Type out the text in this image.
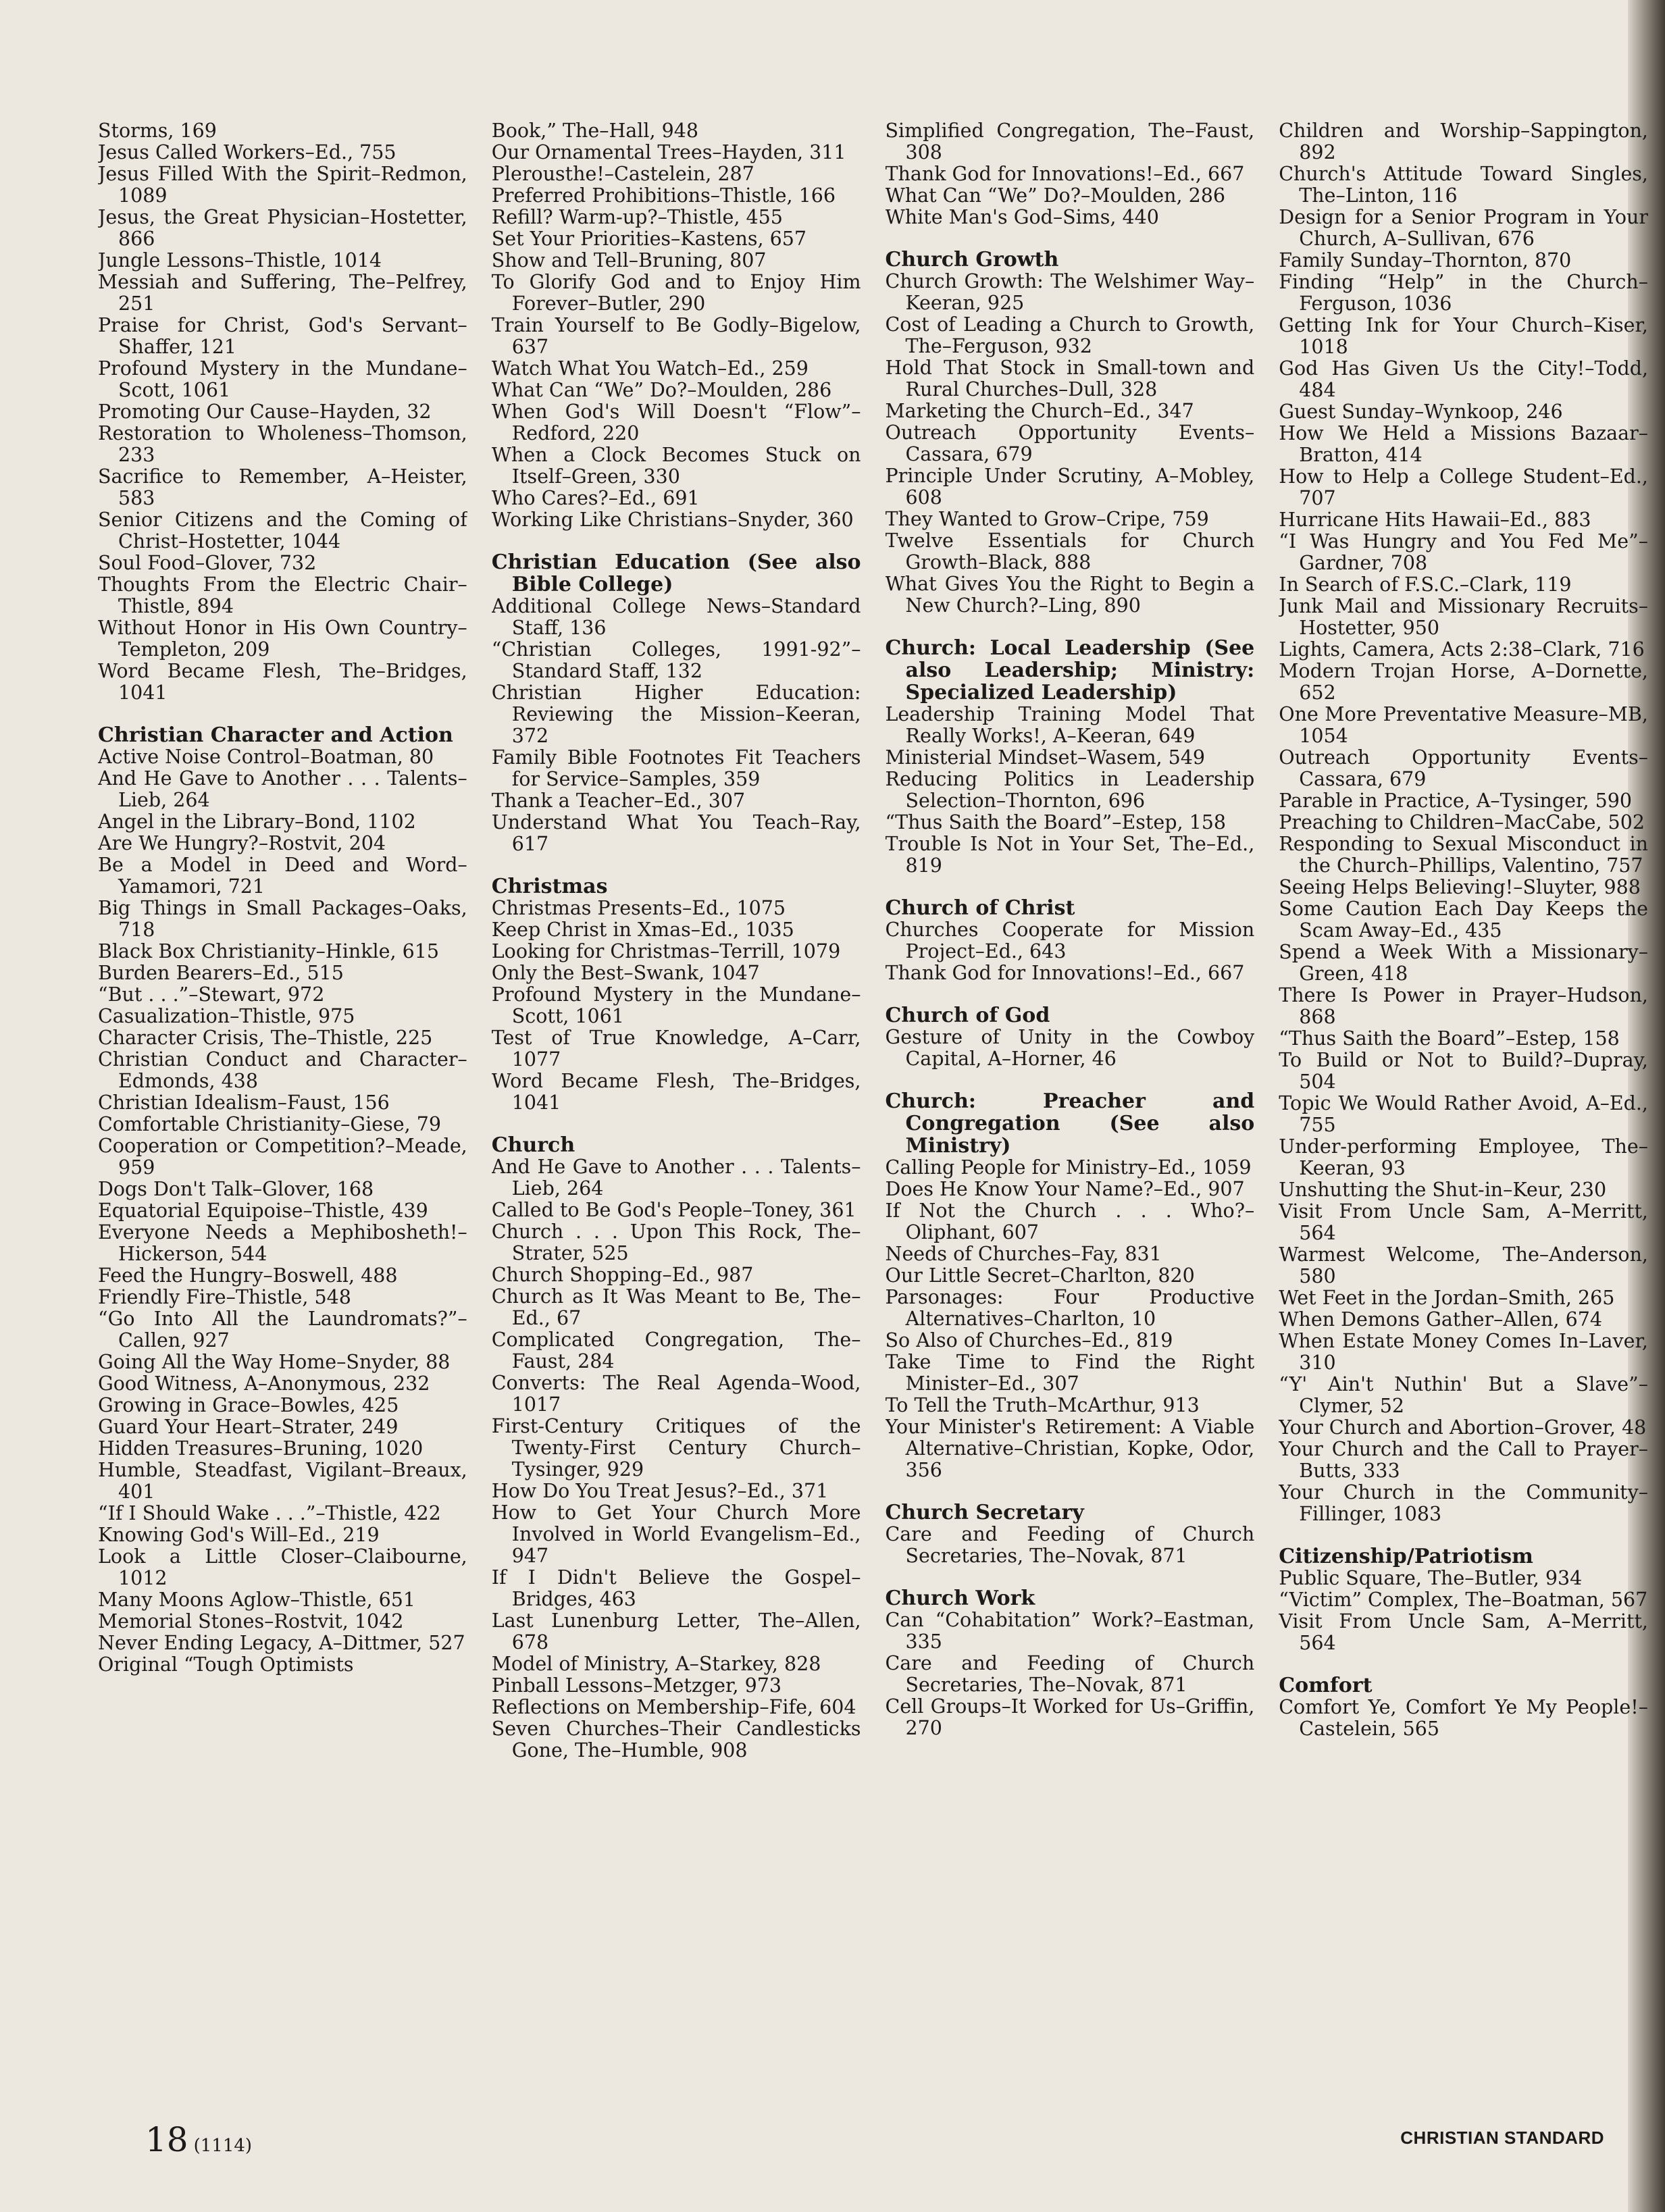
Storms, 169
Jesus Called Workers–Ed., 755
Jesus Filled With the Spirit–Redmon, 1089
Jesus, the Great Physician–Hostetter, 866
Jungle Lessons–Thistle, 1014
Messiah and Suffering, The–Pelfrey, 251
Praise for Christ, God's Servant–Shaffer, 121
Profound Mystery in the Mundane–Scott, 1061
Promoting Our Cause–Hayden, 32
Restoration to Wholeness–Thomson, 233
Sacrifice to Remember, A–Heister, 583
Senior Citizens and the Coming of Christ–Hostetter, 1044
Soul Food–Glover, 732
Thoughts From the Electric Chair–Thistle, 894
Without Honor in His Own Country–Templeton, 209
Word Became Flesh, The–Bridges, 1041
Christian Character and Action
Active Noise Control–Boatman, 80
And He Gave to Another . . . Talents–Lieb, 264
Angel in the Library–Bond, 1102
Are We Hungry?–Rostvit, 204
Be a Model in Deed and Word–Yamamori, 721
Big Things in Small Packages–Oaks, 718
Black Box Christianity–Hinkle, 615
Burden Bearers–Ed., 515
“But . . .”–Stewart, 972
Casualization–Thistle, 975
Character Crisis, The–Thistle, 225
Christian Conduct and Character–Edmonds, 438
Christian Idealism–Faust, 156
Comfortable Christianity–Giese, 79
Cooperation or Competition?–Meade, 959
Dogs Don't Talk–Glover, 168
Equatorial Equipoise–Thistle, 439
Everyone Needs a Mephibosheth!–Hickerson, 544
Feed the Hungry–Boswell, 488
Friendly Fire–Thistle, 548
“Go Into All the Laundromats?”–Callen, 927
Going All the Way Home–Snyder, 88
Good Witness, A–Anonymous, 232
Growing in Grace–Bowles, 425
Guard Your Heart–Strater, 249
Hidden Treasures–Bruning, 1020
Humble, Steadfast, Vigilant–Breaux, 401
“If I Should Wake . . .”–Thistle, 422
Knowing God's Will–Ed., 219
Look a Little Closer–Claibourne, 1012
Many Moons Aglow–Thistle, 651
Memorial Stones–Rostvit, 1042
Never Ending Legacy, A–Dittmer, 527
Original “Tough Optimists
Book,” The–Hall, 948
Our Ornamental Trees–Hayden, 311
Plerousthe!–Castelein, 287
Preferred Prohibitions–Thistle, 166
Refill? Warm-up?–Thistle, 455
Set Your Priorities–Kastens, 657
Show and Tell–Bruning, 807
To Glorify God and to Enjoy Him Forever–Butler, 290
Train Yourself to Be Godly–Bigelow, 637
Watch What You Watch–Ed., 259
What Can “We” Do?–Moulden, 286
When God's Will Doesn't “Flow”–Redford, 220
When a Clock Becomes Stuck on Itself–Green, 330
Who Cares?–Ed., 691
Working Like Christians–Snyder, 360
Christian Education (See also Bible College)
Additional College News–Standard Staff, 136
“Christian Colleges, 1991-92”–Standard Staff, 132
Christian Higher Education: Reviewing the Mission–Keeran, 372
Family Bible Footnotes Fit Teachers for Service–Samples, 359
Thank a Teacher–Ed., 307
Understand What You Teach–Ray, 617
Christmas
Christmas Presents–Ed., 1075
Keep Christ in Xmas–Ed., 1035
Looking for Christmas–Terrill, 1079
Only the Best–Swank, 1047
Profound Mystery in the Mundane–Scott, 1061
Test of True Knowledge, A–Carr, 1077
Word Became Flesh, The–Bridges, 1041
Church
And He Gave to Another . . . Talents–Lieb, 264
Called to Be God's People–Toney, 361
Church . . . Upon This Rock, The–Strater, 525
Church Shopping–Ed., 987
Church as It Was Meant to Be, The–Ed., 67
Complicated Congregation, The–Faust, 284
Converts: The Real Agenda–Wood, 1017
First-Century Critiques of the Twenty-First Century Church–Tysinger, 929
How Do You Treat Jesus?–Ed., 371
How to Get Your Church More Involved in World Evangelism–Ed., 947
If I Didn't Believe the Gospel–Bridges, 463
Last Lunenburg Letter, The–Allen, 678
Model of Ministry, A–Starkey, 828
Pinball Lessons–Metzger, 973
Reflections on Membership–Fife, 604
Seven Churches–Their Candlesticks Gone, The–Humble, 908
Simplified Congregation, The–Faust, 308
Thank God for Innovations!–Ed., 667
What Can “We” Do?–Moulden, 286
White Man's God–Sims, 440
Church Growth
Church Growth: The Welshimer Way–Keeran, 925
Cost of Leading a Church to Growth, The–Ferguson, 932
Hold That Stock in Small-town and Rural Churches–Dull, 328
Marketing the Church–Ed., 347
Outreach Opportunity Events–Cassara, 679
Principle Under Scrutiny, A–Mobley, 608
They Wanted to Grow–Cripe, 759
Twelve Essentials for Church Growth–Black, 888
What Gives You the Right to Begin a New Church?–Ling, 890
Church: Local Leadership (See also Leadership; Ministry: Specialized Leadership)
Leadership Training Model That Really Works!, A–Keeran, 649
Ministerial Mindset–Wasem, 549
Reducing Politics in Leadership Selection–Thornton, 696
“Thus Saith the Board”–Estep, 158
Trouble Is Not in Your Set, The–Ed., 819
Church of Christ
Churches Cooperate for Mission Project–Ed., 643
Thank God for Innovations!–Ed., 667
Church of God
Gesture of Unity in the Cowboy Capital, A–Horner, 46
Church: Preacher and Congregation (See also Ministry)
Calling People for Ministry–Ed., 1059
Does He Know Your Name?–Ed., 907
If Not the Church . . . Who?–Oliphant, 607
Needs of Churches–Fay, 831
Our Little Secret–Charlton, 820
Parsonages: Four Productive Alternatives–Charlton, 10
So Also of Churches–Ed., 819
Take Time to Find the Right Minister–Ed., 307
To Tell the Truth–McArthur, 913
Your Minister's Retirement: A Viable Alternative–Christian, Kopke, Odor, 356
Church Secretary
Care and Feeding of Church Secretaries, The–Novak, 871
Church Work
Can “Cohabitation” Work?–Eastman, 335
Care and Feeding of Church Secretaries, The–Novak, 871
Cell Groups–It Worked for Us–Griffin, 270
Children and Worship–Sappington, 892
Church's Attitude Toward Singles, The–Linton, 116
Design for a Senior Program in Your Church, A–Sullivan, 676
Family Sunday–Thornton, 870
Finding “Help” in the Church–Ferguson, 1036
Getting Ink for Your Church–Kiser, 1018
God Has Given Us the City!–Todd, 484
Guest Sunday–Wynkoop, 246
How We Held a Missions Bazaar–Bratton, 414
How to Help a College Student–Ed., 707
Hurricane Hits Hawaii–Ed., 883
“I Was Hungry and You Fed Me”–Gardner, 708
In Search of F.S.C.–Clark, 119
Junk Mail and Missionary Recruits–Hostetter, 950
Lights, Camera, Acts 2:38–Clark, 716
Modern Trojan Horse, A–Dornette, 652
One More Preventative Measure–MB, 1054
Outreach Opportunity Events–Cassara, 679
Parable in Practice, A–Tysinger, 590
Preaching to Children–MacCabe, 502
Responding to Sexual Misconduct in the Church–Phillips, Valentino, 757
Seeing Helps Believing!–Sluyter, 988
Some Caution Each Day Keeps the Scam Away–Ed., 435
Spend a Week With a Missionary–Green, 418
There Is Power in Prayer–Hudson, 868
“Thus Saith the Board”–Estep, 158
To Build or Not to Build?–Dupray, 504
Topic We Would Rather Avoid, A–Ed., 755
Under-performing Employee, The–Keeran, 93
Unshutting the Shut-in–Keur, 230
Visit From Uncle Sam, A–Merritt, 564
Warmest Welcome, The–Anderson, 580
Wet Feet in the Jordan–Smith, 265
When Demons Gather–Allen, 674
When Estate Money Comes In–Laver, 310
“Y' Ain't Nuthin' But a Slave”–Clymer, 52
Your Church and Abortion–Grover, 48
Your Church and the Call to Prayer–Butts, 333
Your Church in the Community–Fillinger, 1083
Citizenship/Patriotism
Public Square, The–Butler, 934
“Victim” Complex, The–Boatman, 567
Visit From Uncle Sam, A–Merritt, 564
Comfort
Comfort Ye, Comfort Ye My People!–Castelein, 565
18 (1114)	CHRISTIAN STANDARD
